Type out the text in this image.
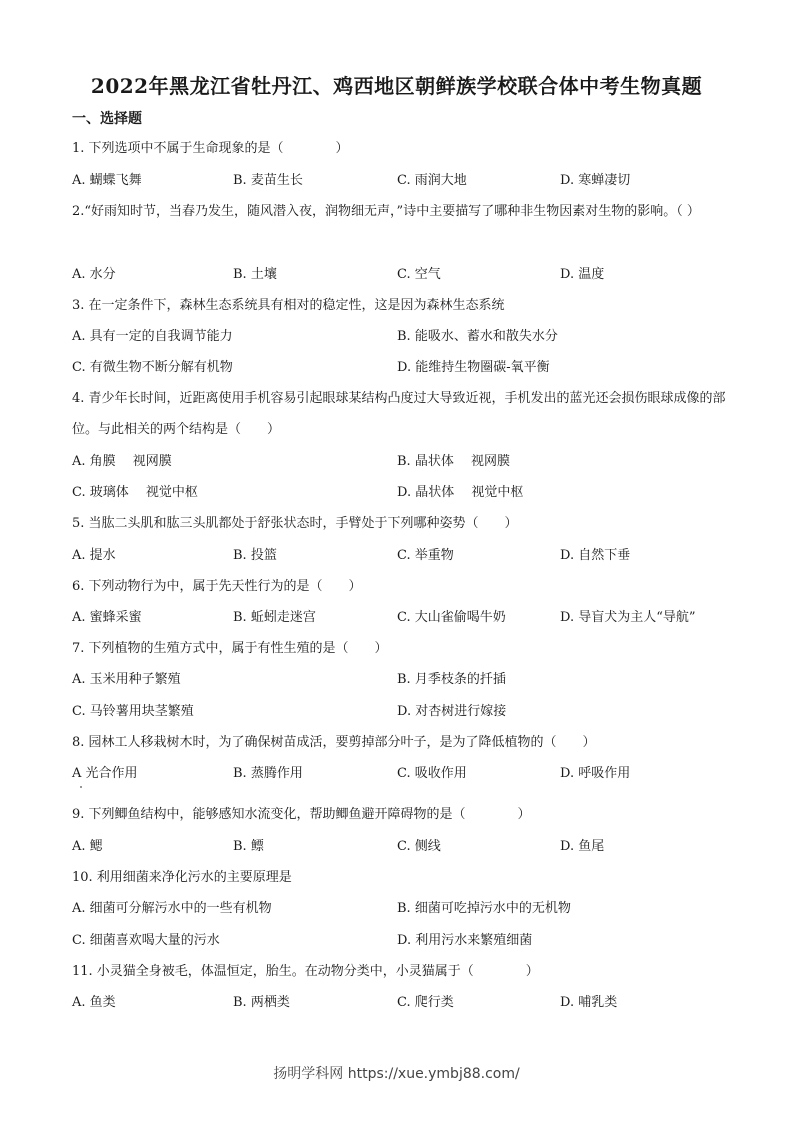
2022年黑龙江省牡丹江、鸡西地区朝鲜族学校联合体中考生物真题
一、选择题
1. 下列选项中不属于生命现象的是（　　　　）
A. 蝴蝶飞舞	B. 麦苗生长	C. 雨润大地	D. 寒蝉凄切
2.“好雨知时节，当春乃发生，随风潜入夜，润物细无声，”诗中主要描写了哪种非生物因素对生物的影响。（ ）
A. 水分	B. 土壤	C. 空气	D. 温度
3. 在一定条件下，森林生态系统具有相对的稳定性，这是因为森林生态系统
A. 具有一定的自我调节能力	B. 能吸水、蓄水和散失水分
C. 有微生物不断分解有机物	D. 能维持生物圈碳-氧平衡
4. 青少年长时间，近距离使用手机容易引起眼球某结构凸度过大导致近视，手机发出的蓝光还会损伤眼球成像的部位。与此相关的两个结构是（　　）
A. 角膜　 视网膜	B. 晶状体　 视网膜
C. 玻璃体　 视觉中枢	D. 晶状体　 视觉中枢
5. 当肱二头肌和肱三头肌都处于舒张状态时，手臂处于下列哪种姿势（　　）
A. 提水	B. 投篮	C. 举重物	D. 自然下垂
6. 下列动物行为中，属于先天性行为的是（　　）
A. 蜜蜂采蜜	B. 蚯蚓走迷宫	C. 大山雀偷喝牛奶	D. 导盲犬为主人“导航”
7. 下列植物的生殖方式中，属于有性生殖的是（　　）
A. 玉米用种子繁殖	B. 月季枝条的扦插
C. 马铃薯用块茎繁殖	D. 对杏树进行嫁接
8. 园林工人移栽树木时，为了确保树苗成活，要剪掉部分叶子，是为了降低植物的（　　）
A 光合作用	B. 蒸腾作用	C. 吸收作用	D. 呼吸作用
9. 下列鲫鱼结构中，能够感知水流变化，帮助鲫鱼避开障碍物的是（　　　　）
A. 鳃	B. 鳔	C. 侧线	D. 鱼尾
10. 利用细菌来净化污水的主要原理是
A. 细菌可分解污水中的一些有机物	B. 细菌可吃掉污水中的无机物
C. 细菌喜欢喝大量的污水	D. 利用污水来繁殖细菌
11. 小灵猫全身被毛，体温恒定，胎生。在动物分类中，小灵猫属于（　　　　）
A. 鱼类	B. 两栖类	C. 爬行类	D. 哺乳类
扬明学科网 https://xue.ymbj88.com/
